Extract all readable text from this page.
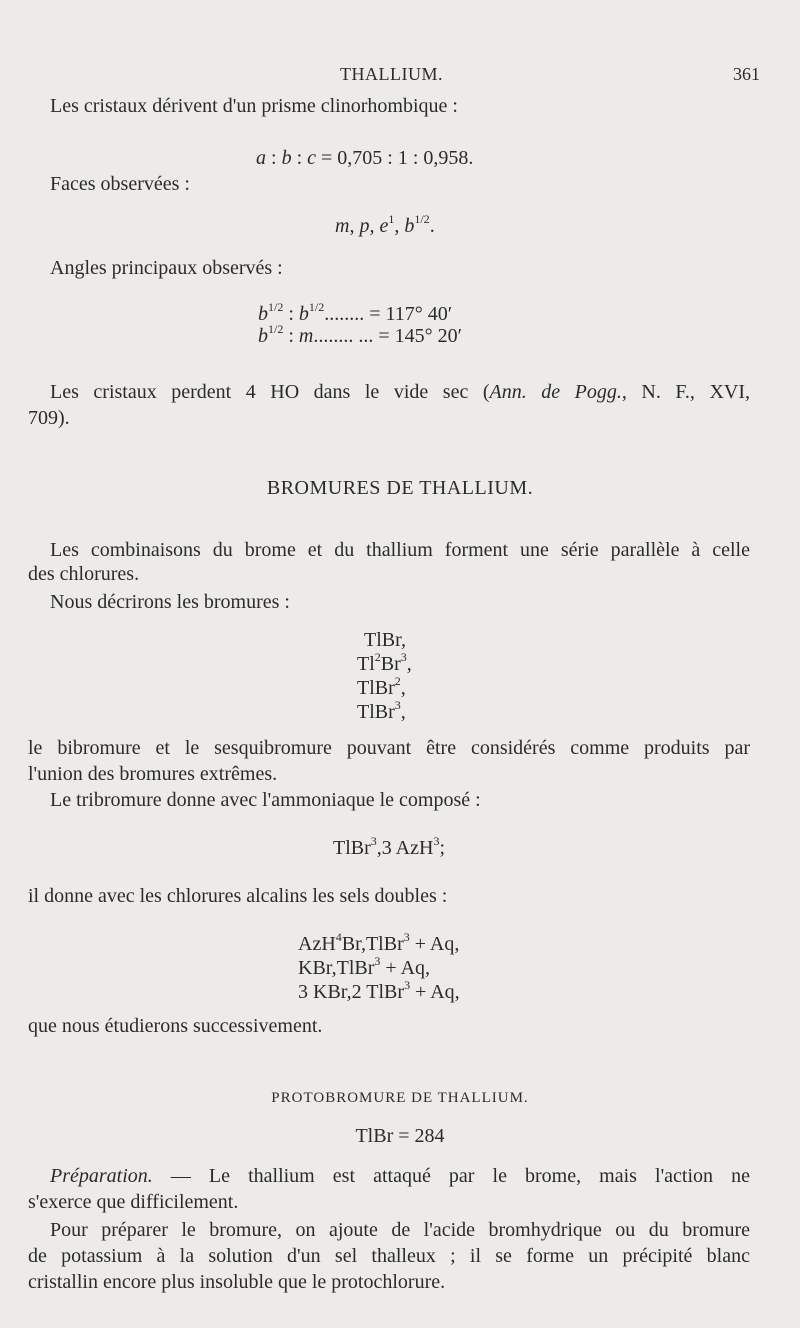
THALLIUM.	361
Les cristaux dérivent d'un prisme clinorhombique :
a : b : c = 0,705 : 1 : 0,958.
Faces observées :
m, p, $e^1$, $b^{1/2}$.
Angles principaux observés :
$b^{1/2}$ : $b^{1/2}$........ = 117° 40′
$b^{1/2}$ : m........ ... = 145° 20′
Les cristaux perdent 4 HO dans le vide sec (Ann. de Pogg., N. F., XVI,
709).
BROMURES DE THALLIUM.
Les combinaisons du brome et du thallium forment une série parallèle à celle
des chlorures.
Nous décrirons les bromures :
TlBr,
Tl$^2$Br$^3$,
TlBr$^2$,
TlBr$^3$,
le bibromure et le sesquibromure pouvant être considérés comme produits par
l'union des bromures extrêmes.
Le tribromure donne avec l'ammoniaque le composé :
TlBr$^3$,3 AzH$^3$;
il donne avec les chlorures alcalins les sels doubles :
AzH$^4$Br,TlBr$^3$ + Aq,
KBr,TlBr$^3$ + Aq,
3 KBr,2 TlBr$^3$ + Aq,
que nous étudierons successivement.
PROTOBROMURE DE THALLIUM.
TlBr = 284
Préparation. — Le thallium est attaqué par le brome, mais l'action ne
s'exerce que difficilement.
Pour préparer le bromure, on ajoute de l'acide bromhydrique ou du bromure
de potassium à la solution d'un sel thalleux ; il se forme un précipité blanc
cristallin encore plus insoluble que le protochlorure.
